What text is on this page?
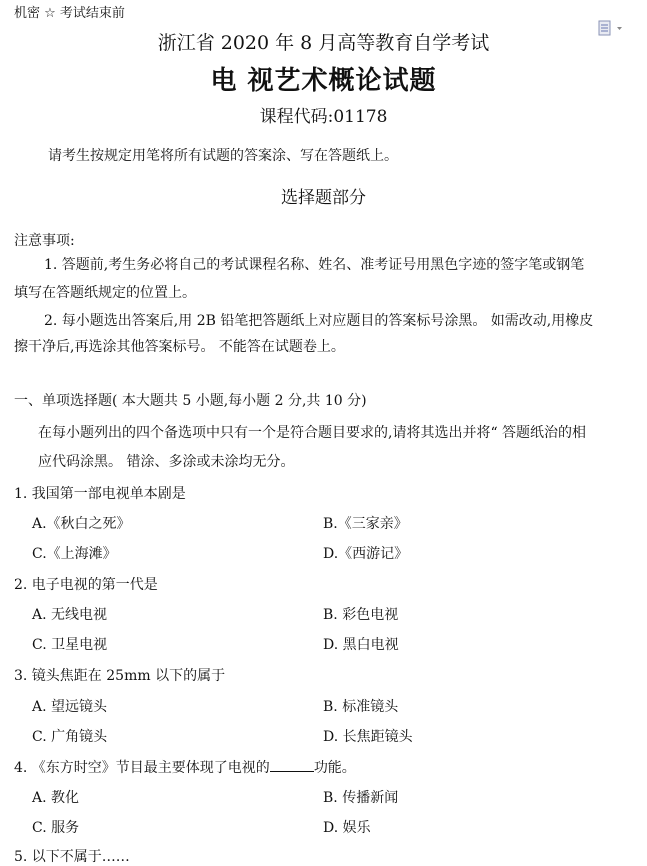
机密 ☆ 考试结束前
浙江省 2020 年 8 月高等教育自学考试
电 视艺术概论试题
课程代码:01178
请考生按规定用笔将所有试题的答案涂、写在答题纸上。
选择题部分
注意事项:
1. 答题前,考生务必将自己的考试课程名称、姓名、准考证号用黑色字迹的签字笔或钢笔
填写在答题纸规定的位置上。
2. 每小题选出答案后,用 2B 铅笔把答题纸上对应题目的答案标号涂黑。 如需改动,用橡皮
擦干净后,再选涂其他答案标号。 不能答在试题卷上。
一、单项选择题( 本大题共 5 小题,每小题 2 分,共 10 分)
在每小题列出的四个备选项中只有一个是符合题目要求的,请将其选出并将“ 答题纸治的相
应代码涂黑。 错涂、多涂或未涂均无分。
1. 我国第一部电视单本剧是
A.《秋白之死》	B.《三家亲》
C.《上海滩》	D.《西游记》
2. 电子电视的第一代是
A. 无线电视	B. 彩色电视
C. 卫星电视	D. 黑白电视
3. 镜头焦距在 25mm 以下的属于
A. 望远镜头	B. 标准镜头
C. 广角镜头	D. 长焦距镜头
4. 《东方时空》节目最主要体现了电视的	功能。
A. 教化	B. 传播新闻
C. 服务	D. 娱乐
5. 以下不属于……
